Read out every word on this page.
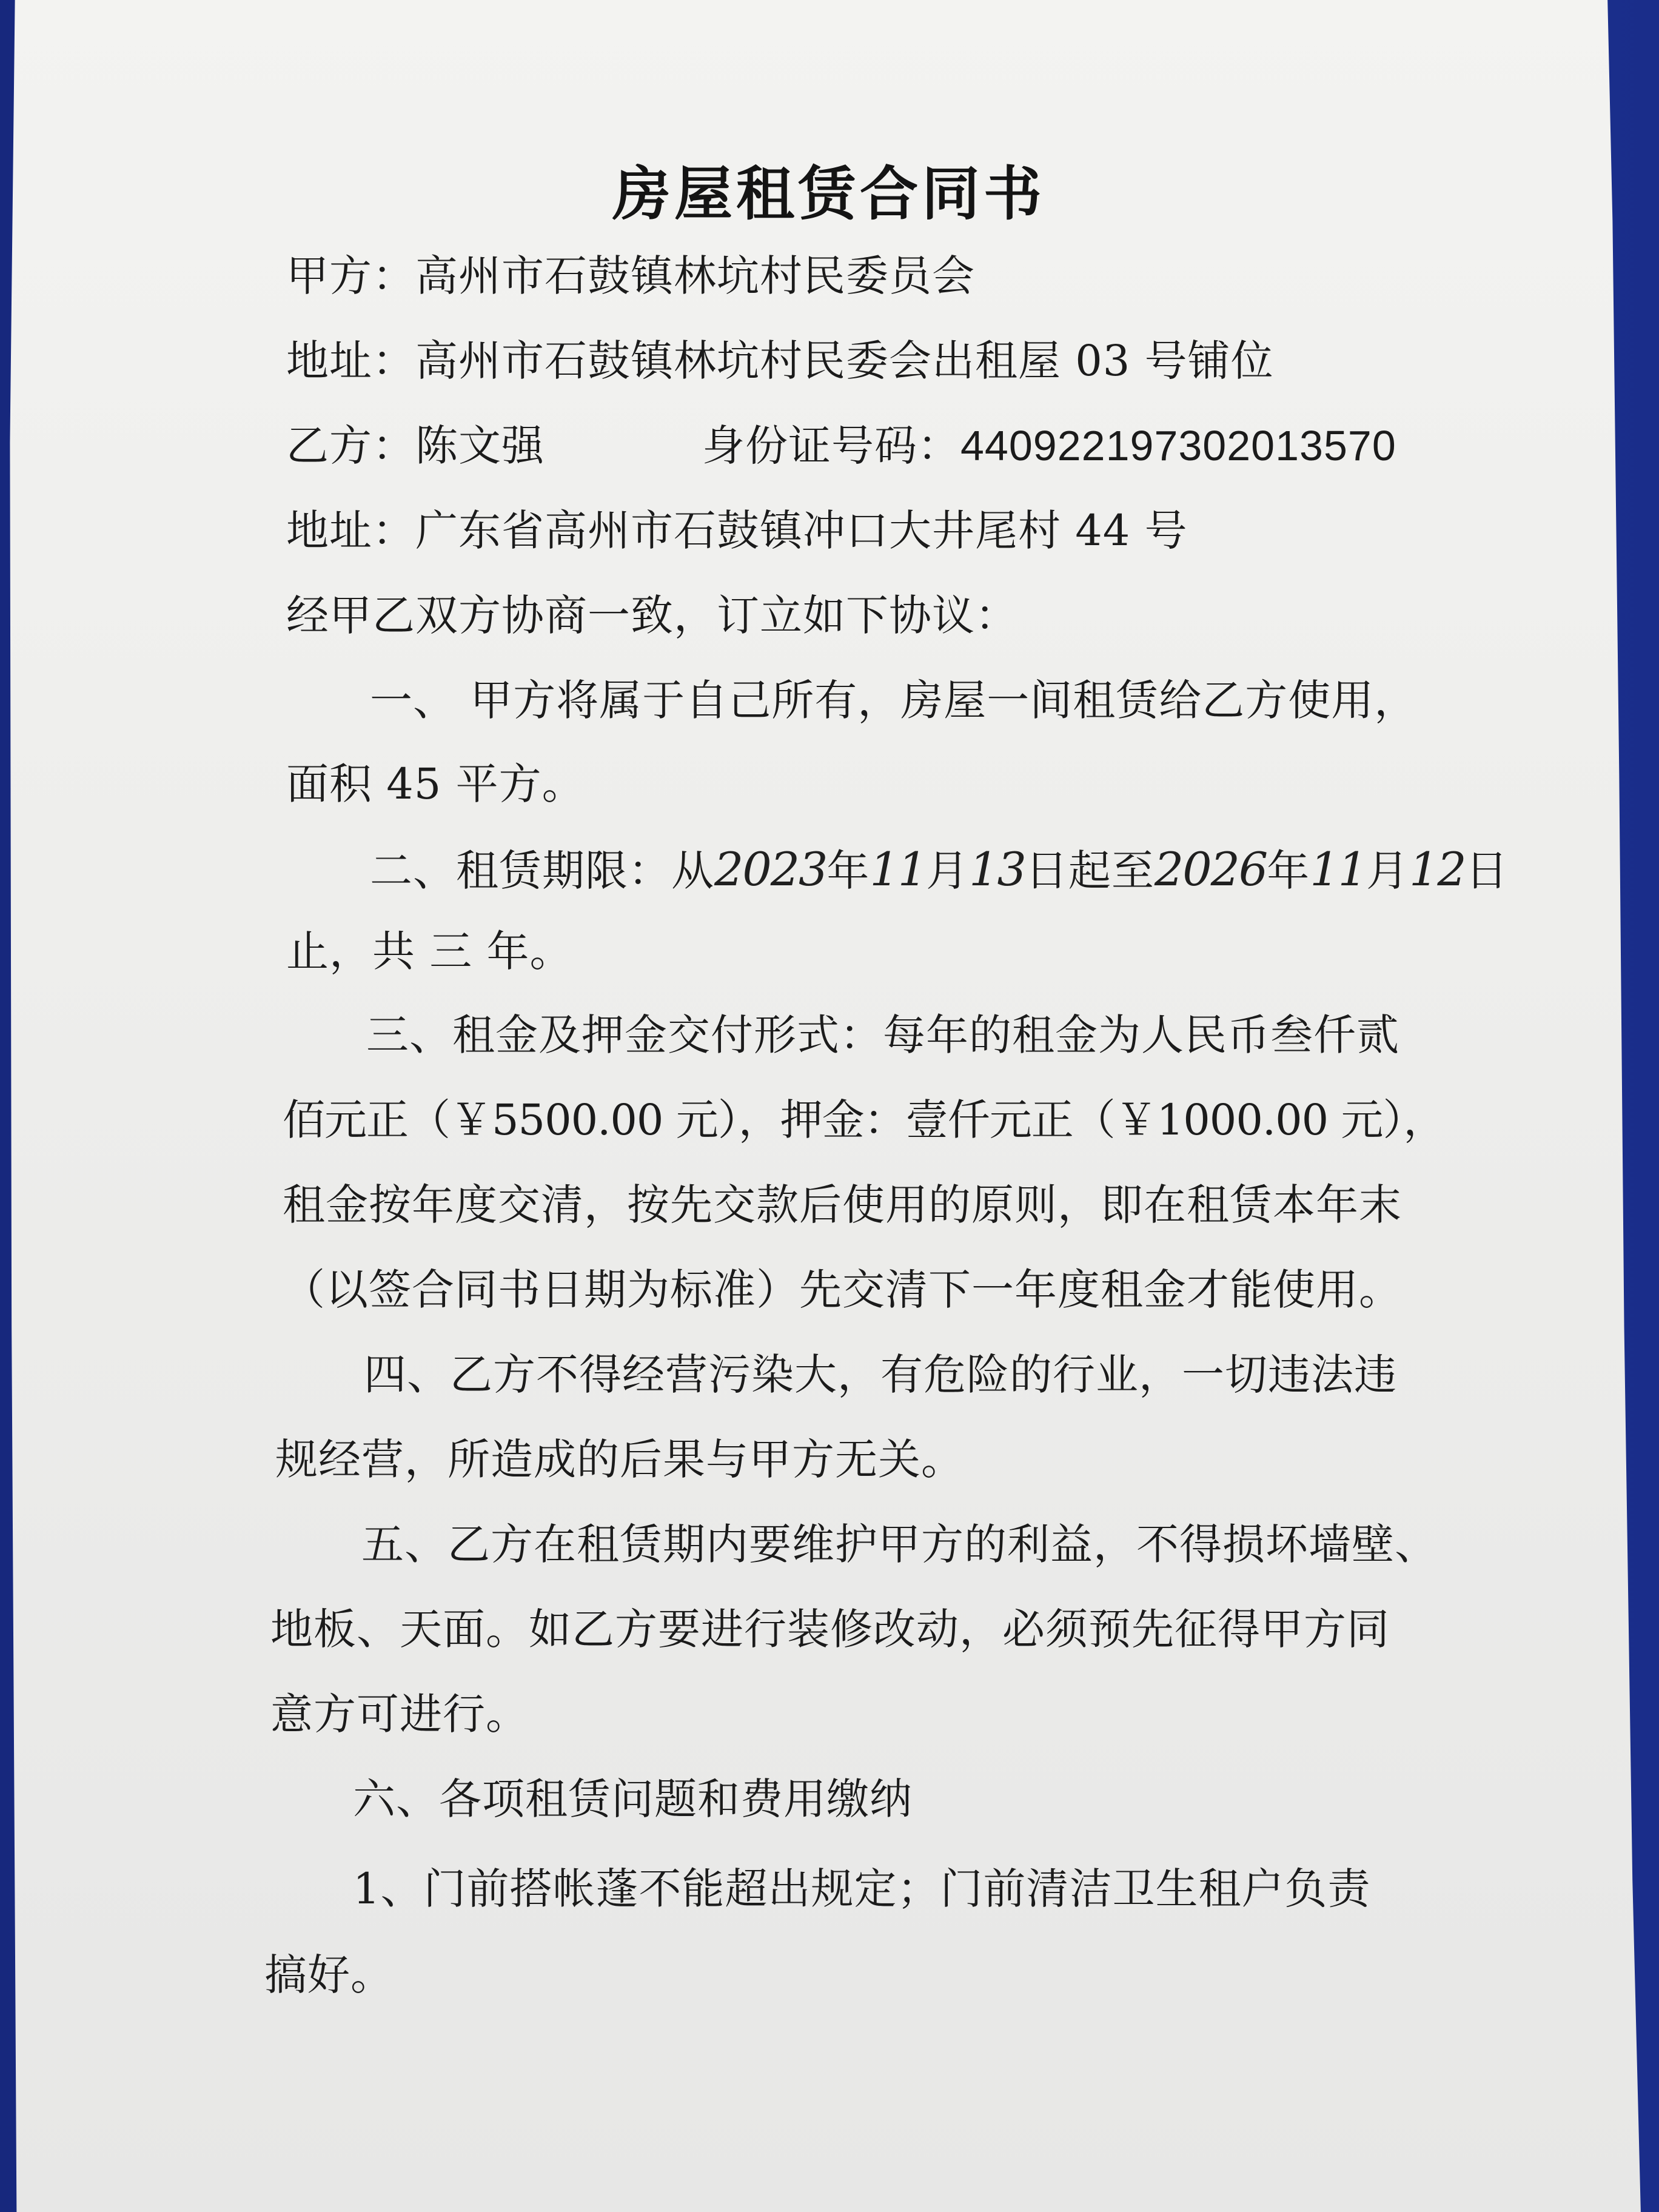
房屋租赁合同书
甲方：高州市石鼓镇林坑村民委员会
地址：高州市石鼓镇林坑村民委会出租屋 03 号铺位
乙方：陈文强	身份证号码：440922197302013570
地址：广东省高州市石鼓镇冲口大井尾村 44 号
经甲乙双方协商一致，订立如下协议：
一、 甲方将属于自己所有，房屋一间租赁给乙方使用，
面积 45 平方。
二、租赁期限：从2023年11月13日起至2026年11月12日
止，共 三 年。
三、租金及押金交付形式：每年的租金为人民币叁仟贰
佰元正（￥5500.00 元），押金：壹仟元正（￥1000.00 元），
租金按年度交清，按先交款后使用的原则，即在租赁本年末
（以签合同书日期为标准）先交清下一年度租金才能使用。
四、乙方不得经营污染大，有危险的行业，一切违法违
规经营，所造成的后果与甲方无关。
五、乙方在租赁期内要维护甲方的利益，不得损坏墙壁、
地板、天面。如乙方要进行装修改动，必须预先征得甲方同
意方可进行。
六、各项租赁问题和费用缴纳
1、门前搭帐蓬不能超出规定；门前清洁卫生租户负责
搞好。
